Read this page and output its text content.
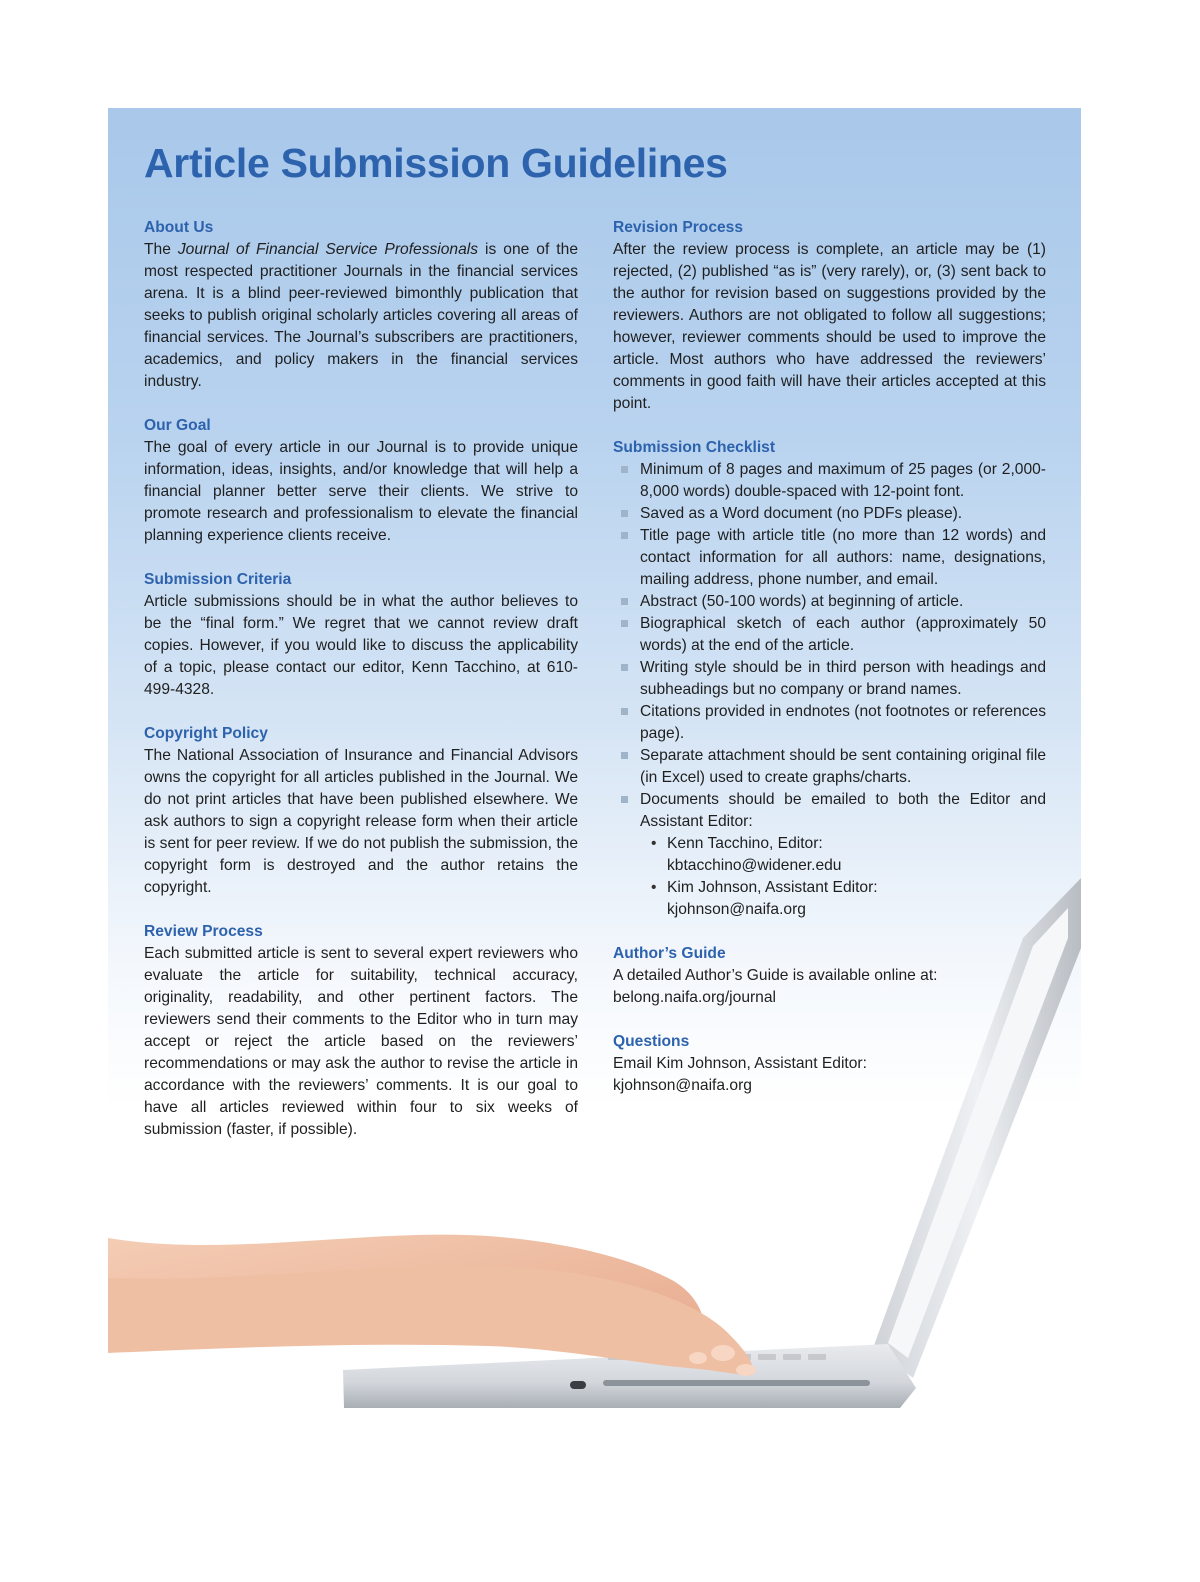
Article Submission Guidelines
About Us

The Journal of Financial Service Professionals is one of the most respected practitioner Journals in the financial services arena. It is a blind peer-reviewed bimonthly publication that seeks to publish original scholarly articles covering all areas of financial services. The Journal’s subscribers are practitioners, academics, and policy makers in the financial services industry.

Our Goal

The goal of every article in our Journal is to provide unique information, ideas, insights, and/or knowledge that will help a financial planner better serve their clients. We strive to promote research and professionalism to elevate the financial planning experience clients receive.

Submission Criteria

Article submissions should be in what the author believes to be the “final form.” We regret that we cannot review draft copies. However, if you would like to discuss the applicability of a topic, please contact our editor, Kenn Tacchino, at 610-499-4328.

Copyright Policy

The National Association of Insurance and Financial Advisors owns the copyright for all articles published in the Journal. We do not print articles that have been published elsewhere. We ask authors to sign a copyright release form when their article is sent for peer review. If we do not publish the submission, the copyright form is destroyed and the author retains the copyright.

Review Process

Each submitted article is sent to several expert reviewers who evaluate the article for suitability, technical accuracy, originality, readability, and other pertinent factors. The reviewers send their comments to the Editor who in turn may accept or reject the article based on the reviewers’ recommendations or may ask the author to revise the article in accordance with the reviewers’ comments. It is our goal to have all articles reviewed within four to six weeks of submission (faster, if possible).

Revision Process

After the review process is complete, an article may be (1) rejected, (2) published “as is” (very rarely), or, (3) sent back to the author for revision based on suggestions provided by the reviewers. Authors are not obligated to follow all suggestions; however, reviewer comments should be used to improve the article. Most authors who have addressed the reviewers’ comments in good faith will have their articles accepted at this point.

Submission Checklist
Minimum of 8 pages and maximum of 25 pages (or 2,000-8,000 words) double-spaced with 12-point font.
Saved as a Word document (no PDFs please).
Title page with article title (no more than 12 words) and contact information for all authors: name, designations, mailing address, phone number, and email.
Abstract (50-100 words) at beginning of article.
Biographical sketch of each author (approximately 50 words) at the end of the article.
Writing style should be in third person with headings and subheadings but no company or brand names.
Citations provided in endnotes (not footnotes or references page).
Separate attachment should be sent containing original file (in Excel) used to create graphs/charts.
Documents should be emailed to both the Editor and Assistant Editor:
• Kenn Tacchino, Editor:
kbtacchino@widener.edu
• Kim Johnson, Assistant Editor:
kjohnson@naifa.org
Author’s Guide

A detailed Author’s Guide is available online at:
belong.naifa.org/journal

Questions

Email Kim Johnson, Assistant Editor:
kjohnson@naifa.org
